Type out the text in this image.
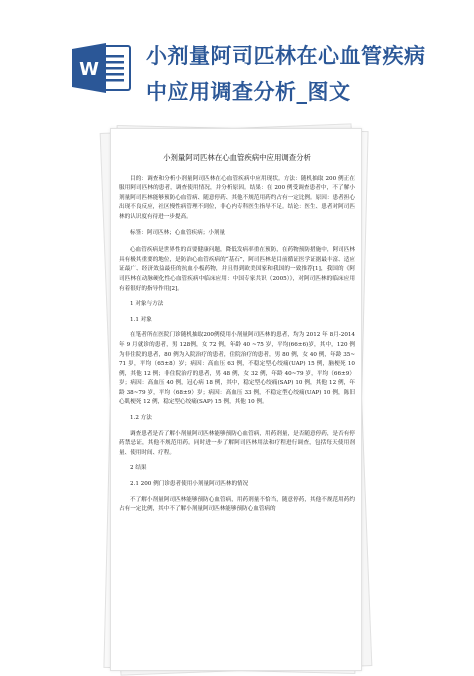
W
小剂量阿司匹林在心血管疾病
中应用调查分析_图文

小剂量阿司匹林在心血管疾病中应用调查分析

目的：调查和分析小剂量阿司匹林在心血管疾病中应用现状。方法：随机抽取 200 例正在服用阿司匹林的患者，调查使用情况，并分析原因。结果：在 200 例受调查患者中，不了解小剂量阿司匹林能够预防心血管病、随意停药、其他不规范用药约占有一定比例。原因：患者担心出现不良反应，社区慢性病管理不到位，非心内专科医生指导不足。结论：医生、患者对阿司匹林的认识度有待进一步提高。

标签：阿司匹林；心血管疾病；小剂量

心血管疾病是世界性的首要健康问题，降低发病率重在预防，在药物预防措施中，阿司匹林具有极其重要的地位，是防治心血管疾病的“基石”，阿司匹林是目前循证医学证据最丰富、适应证最广、经济效益最佳的抗血小板药物，并且得到欧美国家和我国的一致推荐[1]，我国的《阿司匹林在动脉硬化性心血管疾病中临床应用：中国专家共识（2005）》，对阿司匹林的临床应用有着很好的指导作用[2]。

1 对象与方法

1.1 对象

在笔者所在医院门诊随机抽取200例使用小剂量阿司匹林的患者，均为 2012 年 8月-2014年 9 月就诊的患者，男 128例，女 72 例，年龄 40 ~75 岁，平均(66±6)岁，其中，120 例为非住院的患者，80 例为入院治疗的患者，住院治疗的患者，男 80 例，女 40 例，年龄 35~71 岁，平均（65±8）岁；病因：高血压 63 例，不稳定型心绞痛(UAP) 15 例，脑梗死 10 例，其他 12 例；非住院治疗的患者，男 48 例，女 32 例，年龄 40~79 岁，平均（66±9）岁；病因：高血压 40 例，冠心病 18 例，其中，稳定型心绞痛(SAP) 10 例，其他 12 例，年龄 38~79 岁，平均（68±9）岁；病因：高血压 33 例，不稳定型心绞痛(UAP) 10 例，陈旧心肌梗死 12 例，稳定型心绞痛(SAP) 15 例，其他 10 例。

1.2 方法

调查患者是否了解小剂量阿司匹林能够预防心血管病，用药剂量，是否随意停药，是否有停药禁忌证，其他不规范用药。同时进一步了解阿司匹林用法和疗程进行调查，包括每天使用剂量、使用时间、疗程。

2 结果

2.1 200 例门诊患者使用小剂量阿司匹林的情况

不了解小剂量阿司匹林能够预防心血管病，用药剂量不恰当，随意停药，其他不规范用药约占有一定比例，其中不了解小剂量阿司匹林能够预防心血管病的
